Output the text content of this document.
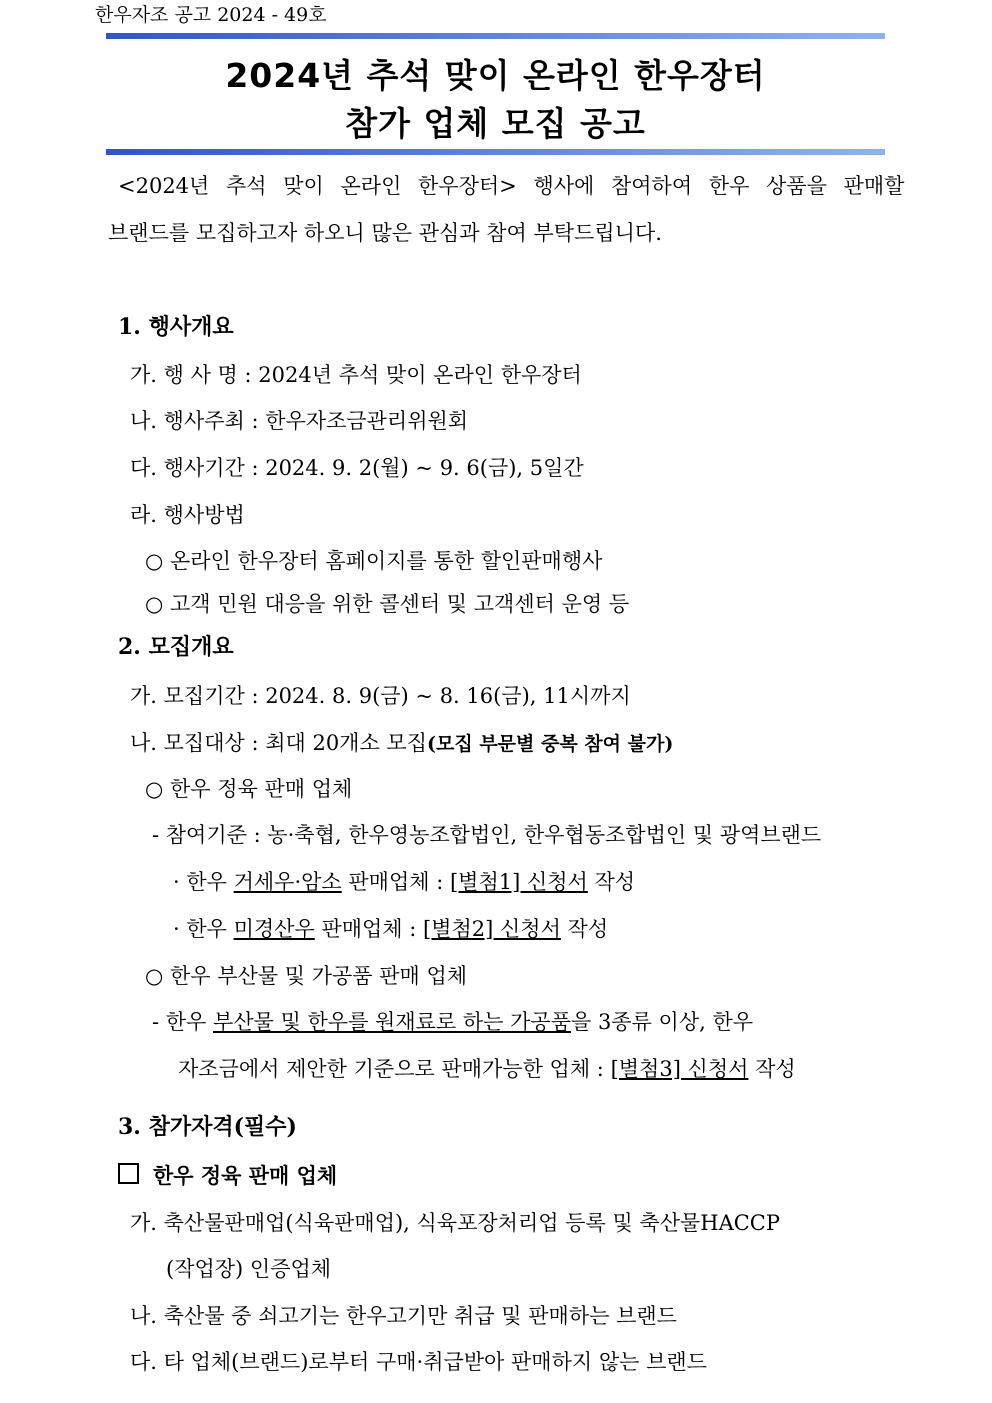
한우자조 공고 2024 - 49호
2024년 추석 맞이 온라인 한우장터
참가 업체 모집 공고
<2024년 추석 맞이 온라인 한우장터> 행사에 참여하여 한우 상품을 판매할
브랜드를 모집하고자 하오니 많은 관심과 참여 부탁드립니다.
1. 행사개요
가. 행 사 명 : 2024년 추석 맞이 온라인 한우장터
나. 행사주최 : 한우자조금관리위원회
다. 행사기간 : 2024. 9. 2(월) ~ 9. 6(금), 5일간
라. 행사방법
○ 온라인 한우장터 홈페이지를 통한 할인판매행사
○ 고객 민원 대응을 위한 콜센터 및 고객센터 운영 등
2. 모집개요
가. 모집기간 : 2024. 8. 9(금) ~ 8. 16(금), 11시까지
나. 모집대상 : 최대 20개소 모집(모집 부문별 중복 참여 불가)
○ 한우 정육 판매 업체
- 참여기준 : 농·축협, 한우영농조합법인, 한우협동조합법인 및 광역브랜드
· 한우 거세우·암소 판매업체 : [별첨1] 신청서 작성
· 한우 미경산우 판매업체 : [별첨2] 신청서 작성
○ 한우 부산물 및 가공품 판매 업체
- 한우 부산물 및 한우를 원재료로 하는 가공품을 3종류 이상, 한우
자조금에서 제안한 기준으로 판매가능한 업체 : [별첨3] 신청서 작성
3. 참가자격(필수)
한우 정육 판매 업체
가. 축산물판매업(식육판매업), 식육포장처리업 등록 및 축산물HACCP
(작업장) 인증업체
나. 축산물 중 쇠고기는 한우고기만 취급 및 판매하는 브랜드
다. 타 업체(브랜드)로부터 구매·취급받아 판매하지 않는 브랜드
